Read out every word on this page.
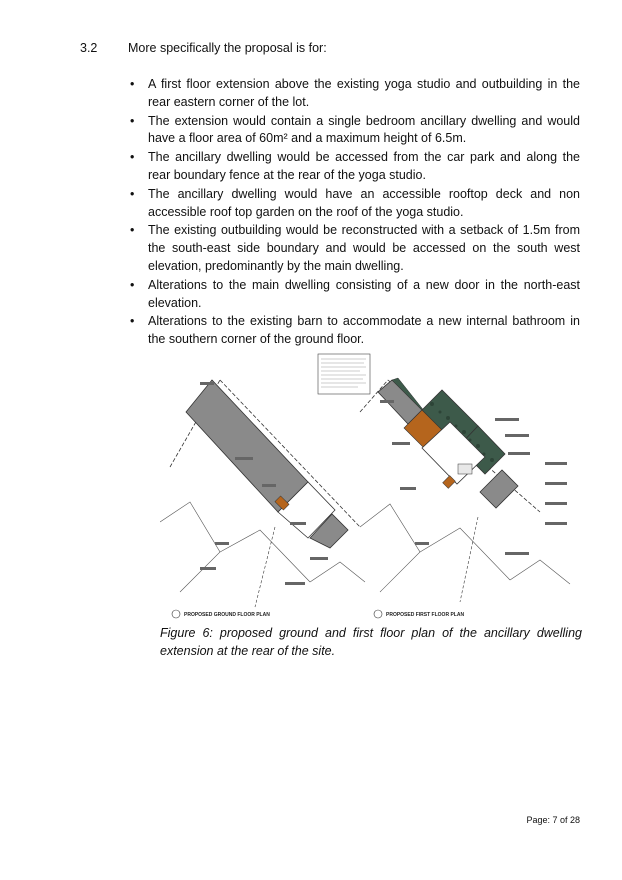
3.2 More specifically the proposal is for:
• A first floor extension above the existing yoga studio and outbuilding in the rear eastern corner of the lot.
• The extension would contain a single bedroom ancillary dwelling and would have a floor area of 60m² and a maximum height of 6.5m.
• The ancillary dwelling would be accessed from the car park and along the rear boundary fence at the rear of the yoga studio.
• The ancillary dwelling would have an accessible rooftop deck and non accessible roof top garden on the roof of the yoga studio.
• The existing outbuilding would be reconstructed with a setback of 1.5m from the south-east side boundary and would be accessed on the south west elevation, predominantly by the main dwelling.
• Alterations to the main dwelling consisting of a new door in the north-east elevation.
• Alterations to the existing barn to accommodate a new internal bathroom in the southern corner of the ground floor.
PROPOSED GROUND FLOOR PLAN	PROPOSED FIRST FLOOR PLAN
Figure 6: proposed ground and first floor plan of the ancillary dwelling extension at the rear of the site.
Page: 7 of 28
